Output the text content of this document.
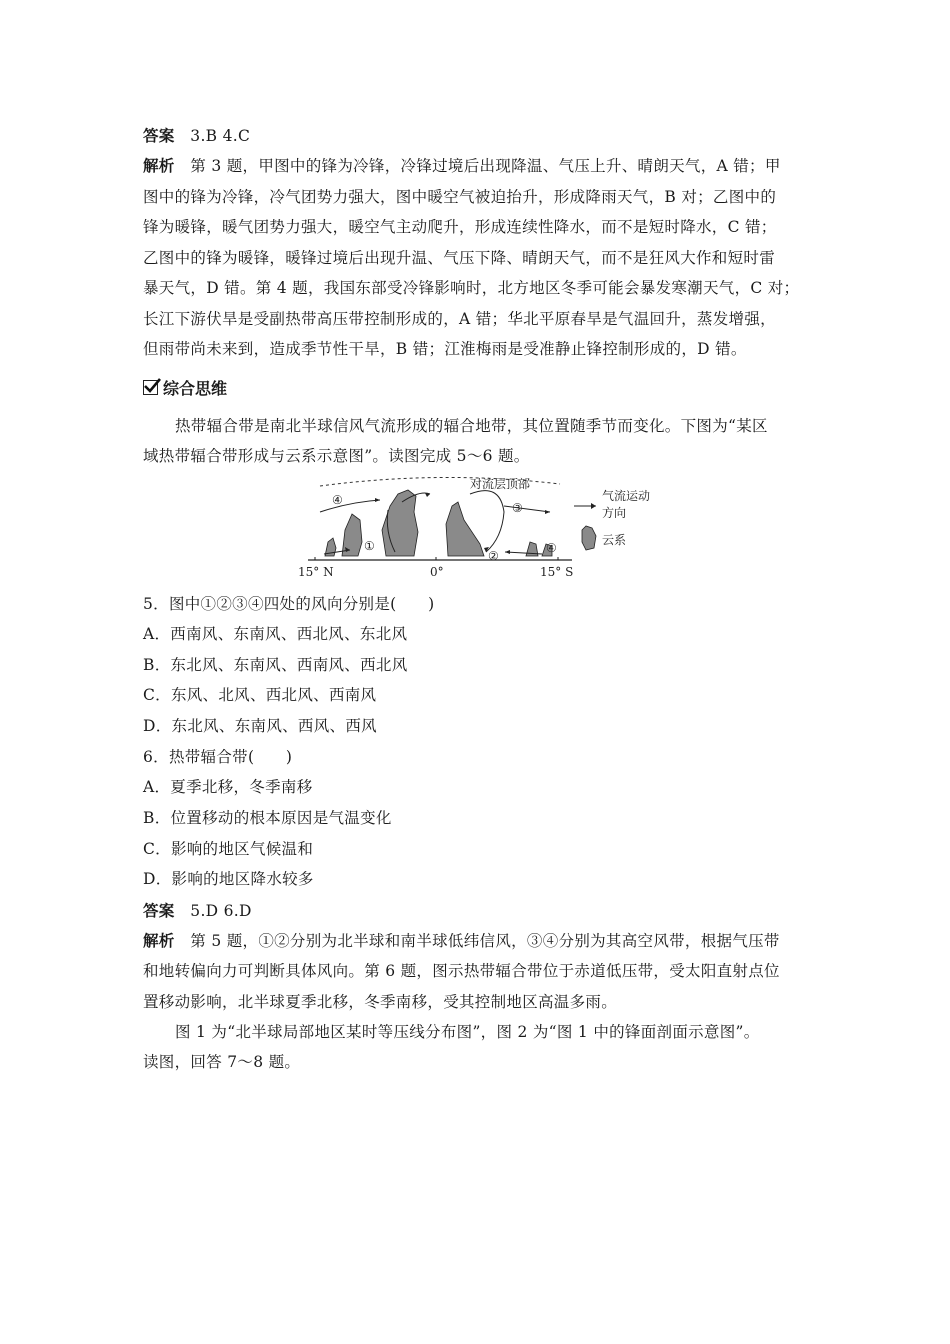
答案 3.B 4.C
解析 第 3 题，甲图中的锋为冷锋，冷锋过境后出现降温、气压上升、晴朗天气，A 错；甲
图中的锋为冷锋，冷气团势力强大，图中暖空气被迫抬升，形成降雨天气，B 对；乙图中的
锋为暖锋，暖气团势力强大，暖空气主动爬升，形成连续性降水，而不是短时降水，C 错；
乙图中的锋为暖锋，暖锋过境后出现升温、气压下降、晴朗天气，而不是狂风大作和短时雷
暴天气，D 错。第 4 题，我国东部受冷锋影响时，北方地区冬季可能会暴发寒潮天气，C 对；
长江下游伏旱是受副热带高压带控制形成的，A 错；华北平原春旱是气温回升，蒸发增强，
但雨带尚未来到，造成季节性干旱，B 错；江淮梅雨是受准静止锋控制形成的，D 错。
综合思维
热带辐合带是南北半球信风气流形成的辐合地带，其位置随季节而变化。下图为“某区
域热带辐合带形成与云系示意图”。读图完成 5～6 题。
④
①
③
②
④
对流层顶部
气流运动
方向
云系
15° N	0°	15° S
5．图中①②③④四处的风向分别是(　　)
A．西南风、东南风、西北风、东北风
B．东北风、东南风、西南风、西北风
C．东风、北风、西北风、西南风
D．东北风、东南风、西风、西风
6．热带辐合带(　　)
A．夏季北移，冬季南移
B．位置移动的根本原因是气温变化
C．影响的地区气候温和
D．影响的地区降水较多
答案 5.D 6.D
解析 第 5 题，①②分别为北半球和南半球低纬信风，③④分别为其高空风带，根据气压带
和地转偏向力可判断具体风向。第 6 题，图示热带辐合带位于赤道低压带，受太阳直射点位
置移动影响，北半球夏季北移，冬季南移，受其控制地区高温多雨。
图 1 为“北半球局部地区某时等压线分布图”，图 2 为“图 1 中的锋面剖面示意图”。
读图，回答 7～8 题。
